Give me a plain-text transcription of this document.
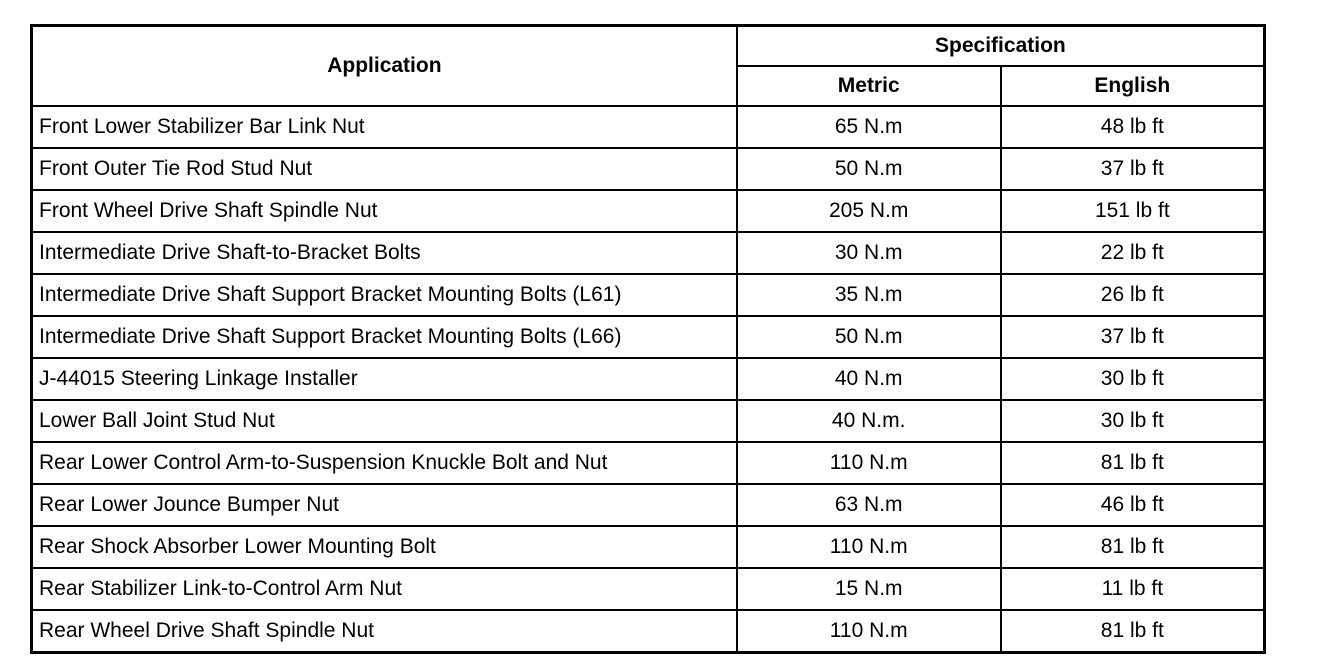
Application	Specification	
	Metric	English
Front Lower Stabilizer Bar Link Nut	65 N.m	48 lb ft
Front Outer Tie Rod Stud Nut	50 N.m	37 lb ft
Front Wheel Drive Shaft Spindle Nut	205 N.m	151 lb ft
Intermediate Drive Shaft-to-Bracket Bolts	30 N.m	22 lb ft
Intermediate Drive Shaft Support Bracket Mounting Bolts (L61)	35 N.m	26 lb ft
Intermediate Drive Shaft Support Bracket Mounting Bolts (L66)	50 N.m	37 lb ft
J-44015 Steering Linkage Installer	40 N.m	30 lb ft
Lower Ball Joint Stud Nut	40 N.m.	30 lb ft
Rear Lower Control Arm-to-Suspension Knuckle Bolt and Nut	110 N.m	81 lb ft
Rear Lower Jounce Bumper Nut	63 N.m	46 lb ft
Rear Shock Absorber Lower Mounting Bolt	110 N.m	81 lb ft
Rear Stabilizer Link-to-Control Arm Nut	15 N.m	11 lb ft
Rear Wheel Drive Shaft Spindle Nut	110 N.m	81 lb ft
